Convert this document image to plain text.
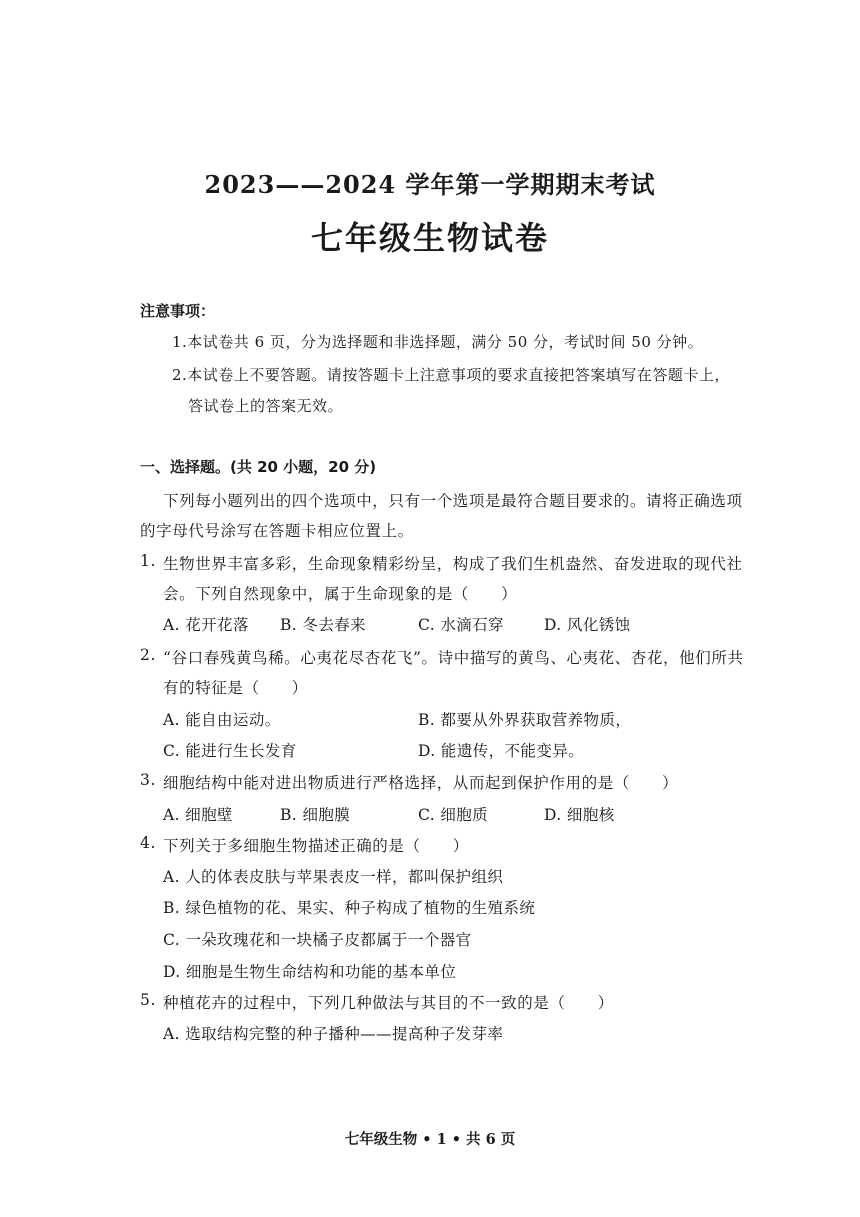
2023——2024 学年第一学期期末考试
七年级生物试卷
注意事项：
1.本试卷共 6 页，分为选择题和非选择题，满分 50 分，考试时间 50 分钟。
2.本试卷上不要答题。请按答题卡上注意事项的要求直接把答案填写在答题卡上，
答试卷上的答案无效。
一、选择题。(共 20 小题，20 分)
下列每小题列出的四个选项中，只有一个选项是最符合题目要求的。请将正确选项
的字母代号涂写在答题卡相应位置上。
1. 生物世界丰富多彩，生命现象精彩纷呈，构成了我们生机盎然、奋发进取的现代社
会。下列自然现象中，属于生命现象的是（　　）
A. 花开花落 B. 冬去春来	C. 水滴石穿	D. 风化锈蚀
2. “谷口春残黄鸟稀。心夷花尽杏花飞”。诗中描写的黄鸟、心夷花、杏花，他们所共
有的特征是（　　）
A. 能自由运动。	B. 都要从外界获取营养物质，
C. 能进行生长发育	D. 能遗传，不能变异。
3. 细胞结构中能对进出物质进行严格选择，从而起到保护作用的是（　　）
A. 细胞壁	B. 细胞膜	C. 细胞质	D. 细胞核
4. 下列关于多细胞生物描述正确的是（　　）
A. 人的体表皮肤与苹果表皮一样，都叫保护组织
B. 绿色植物的花、果实、种子构成了植物的生殖系统
C. 一朵玫瑰花和一块橘子皮都属于一个器官
D. 细胞是生物生命结构和功能的基本单位
5. 种植花卉的过程中，下列几种做法与其目的不一致的是（　　）
A. 选取结构完整的种子播种——提高种子发芽率
七年级生物 • 1 • 共 6 页
